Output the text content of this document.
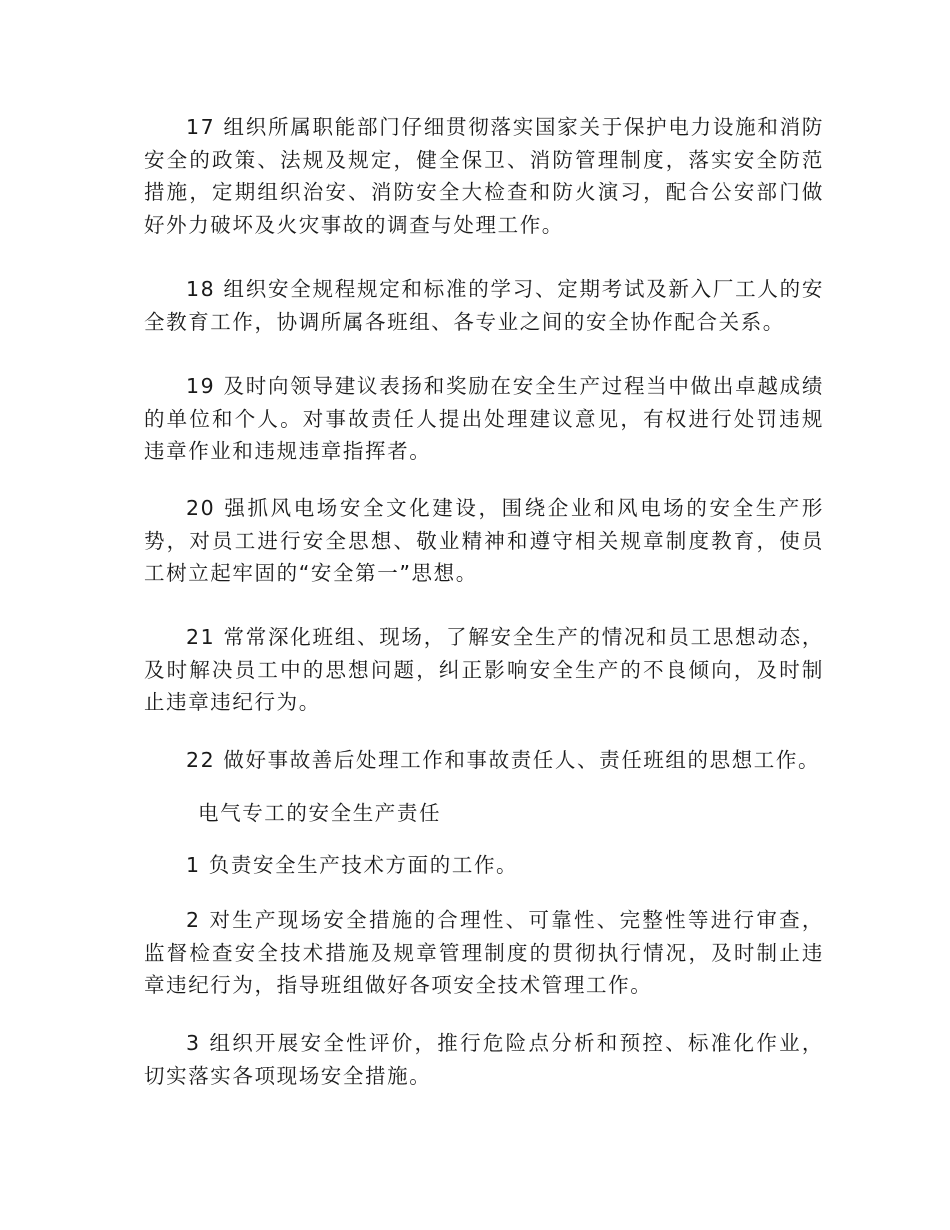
17 组织所属职能部门仔细贯彻落实国家关于保护电力设施和消防安全的政策、法规及规定，健全保卫、消防管理制度，落实安全防范措施，定期组织治安、消防安全大检查和防火演习，配合公安部门做好外力破坏及火灾事故的调查与处理工作。

18 组织安全规程规定和标准的学习、定期考试及新入厂工人的安全教育工作，协调所属各班组、各专业之间的安全协作配合关系。

19 及时向领导建议表扬和奖励在安全生产过程当中做出卓越成绩的单位和个人。对事故责任人提出处理建议意见，有权进行处罚违规违章作业和违规违章指挥者。

20 强抓风电场安全文化建设，围绕企业和风电场的安全生产形势，对员工进行安全思想、敬业精神和遵守相关规章制度教育，使员工树立起牢固的“安全第一”思想。

21 常常深化班组、现场，了解安全生产的情况和员工思想动态，及时解决员工中的思想问题，纠正影响安全生产的不良倾向，及时制止违章违纪行为。

22 做好事故善后处理工作和事故责任人、责任班组的思想工作。

电气专工的安全生产责任

1 负责安全生产技术方面的工作。

2 对生产现场安全措施的合理性、可靠性、完整性等进行审查，监督检查安全技术措施及规章管理制度的贯彻执行情况，及时制止违章违纪行为，指导班组做好各项安全技术管理工作。

3 组织开展安全性评价，推行危险点分析和预控、标准化作业，切实落实各项现场安全措施。
